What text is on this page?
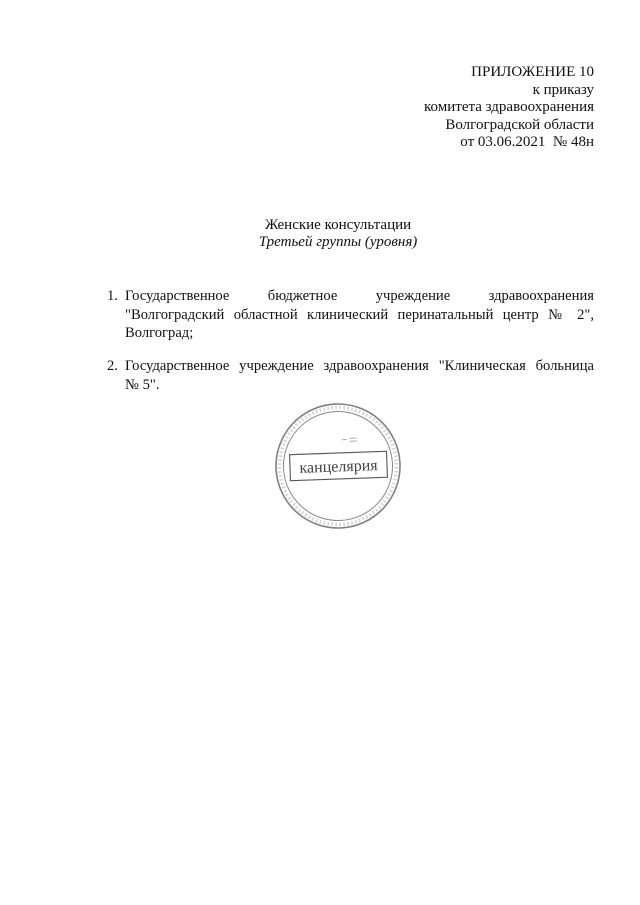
ПРИЛОЖЕНИЕ 10
к приказу
комитета здравоохранения
Волгоградской области
от 03.06.2021  № 48н
Женские консультации
Третьей группы (уровня)
1. Государственное бюджетное учреждение здравоохранения
"Волгоградский областной клинический перинатальный центр № 2",
Волгоград;
2. Государственное учреждение здравоохранения "Клиническая больница
№ 5".
канцелярия
